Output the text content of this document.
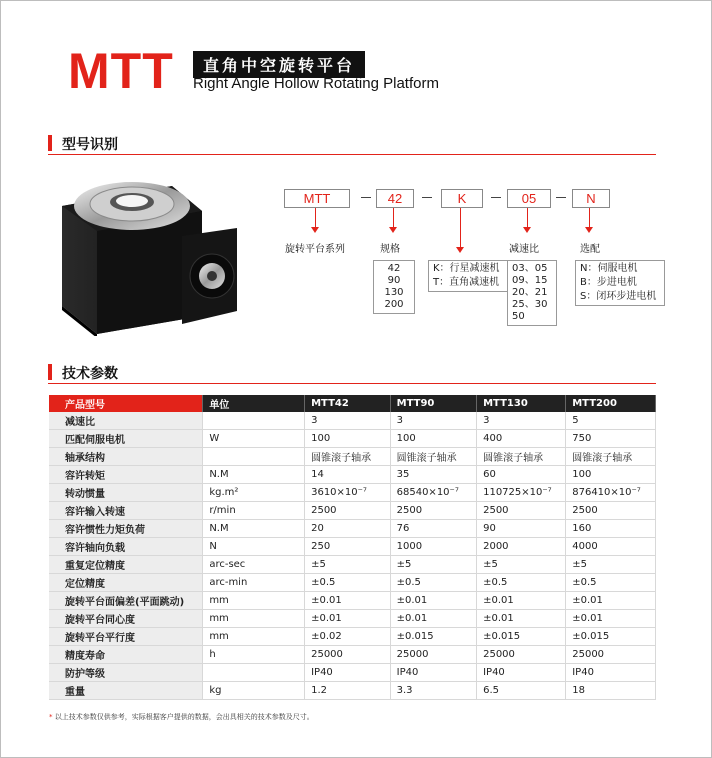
MTT	直角中空旋转平台
Right Angle Hollow Rotating Platform
型号识别
MTT	42	K	05	N
旋转平台系列	规格	减速比	选配
42
90
130
200
K：行星减速机
T：直角减速机
03、05
09、15
20、21
25、30
50
N：伺服电机
B：步进电机
S：闭环步进电机
技术参数
产品型号	单位	MTT42	MTT90	MTT130	MTT200
减速比		3	3	3	5
匹配伺服电机	W	100	100	400	750
轴承结构		圆锥滚子轴承	圆锥滚子轴承	圆锥滚子轴承	圆锥滚子轴承
容许转矩	N.M	14	35	60	100
转动惯量	kg.m²	3610×10⁻⁷	68540×10⁻⁷	110725×10⁻⁷	876410×10⁻⁷
容许输入转速	r/min	2500	2500	2500	2500
容许惯性力矩负荷	N.M	20	76	90	160
容许轴向负载	N	250	1000	2000	4000
重复定位精度	arc-sec	±5	±5	±5	±5
定位精度	arc-min	±0.5	±0.5	±0.5	±0.5
旋转平台面偏差(平面跳动)	mm	±0.01	±0.01	±0.01	±0.01
旋转平台同心度	mm	±0.01	±0.01	±0.01	±0.01
旋转平台平行度	mm	±0.02	±0.015	±0.015	±0.015
精度寿命	h	25000	25000	25000	25000
防护等级		IP40	IP40	IP40	IP40
重量	kg	1.2	3.3	6.5	18
* 以上技术参数仅供参考，实际根据客户提供的数据，会出具相关的技术参数及尺寸。
